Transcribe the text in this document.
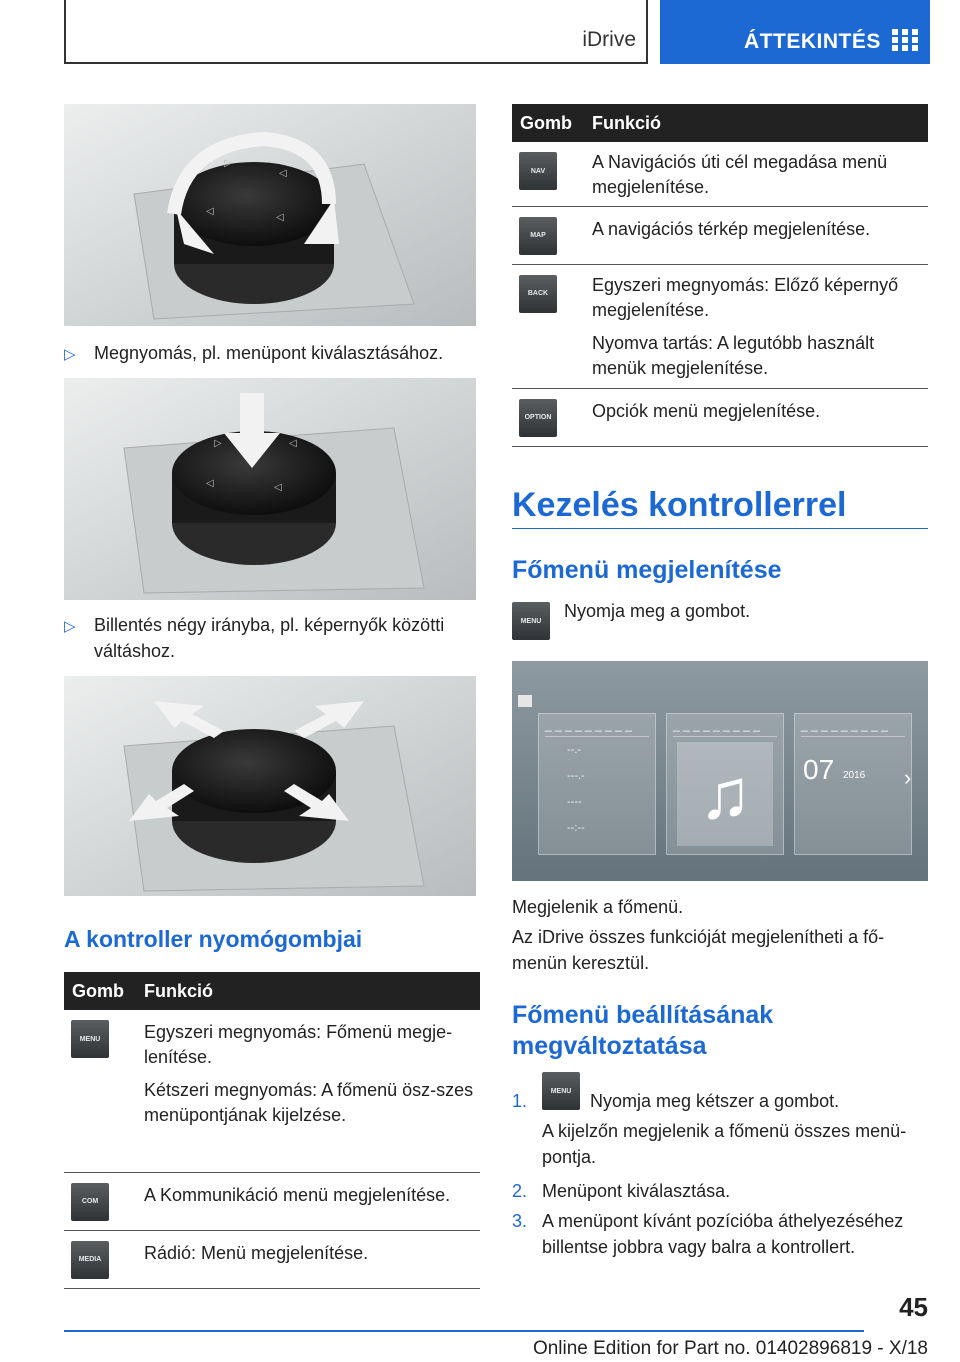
iDrive	ÁTTEKINTÉS
▷
◁
◁
◁
▷ Megnyomás, pl. menüpont kiválasztásához.
▷	◁
◁	◁
▷ Billentés négy irányba, pl. képernyők közötti váltáshoz.
A kontroller nyomógombjai
Gomb	Funkció

MENU	Egyszeri megnyomás: Főmenü megje-lenítése.

Kétszeri megnyomás: A főmenü ösz-szes menüpontjának kijelzése.

COM	A Kommunikáció menü megjelenítése.

MEDIA	Rádió: Menü megjelenítése.

Gomb	Funkció

NAV	A Navigációs úti cél megadása menü megjelenítése.

MAP	A navigációs térkép megjelenítése.

BACK	Egyszeri megnyomás: Előző képernyő megjelenítése.

Nyomva tartás: A legutóbb használt menük megjelenítése.

OPTION	Opciók menü megjelenítése.

Kezelés kontrollerrel
Főmenü megjelenítése
MENU	Nyomja meg a gombot.
_ _ _ _ _ _ _ _ _
--.-
---.-
----
--:--
_ _ _ _ _ _ _ _ _
♫
_ _ _ _ _ _ _ _ _
07 2016 ›
Megjelenik a főmenü.
Az iDrive összes funkcióját megjelenítheti a fő-menün keresztül.
Főmenü beállításának megváltoztatása
1.	MENU	Nyomja meg kétszer a gombot.
A kijelzőn megjelenik a főmenü összes menü-pontja.
2. Menüpont kiválasztása.
3. A menüpont kívánt pozícióba áthelyezéséhez billentse jobbra vagy balra a kontrollert.
45
Online Edition for Part no. 01402896819 - X/18
